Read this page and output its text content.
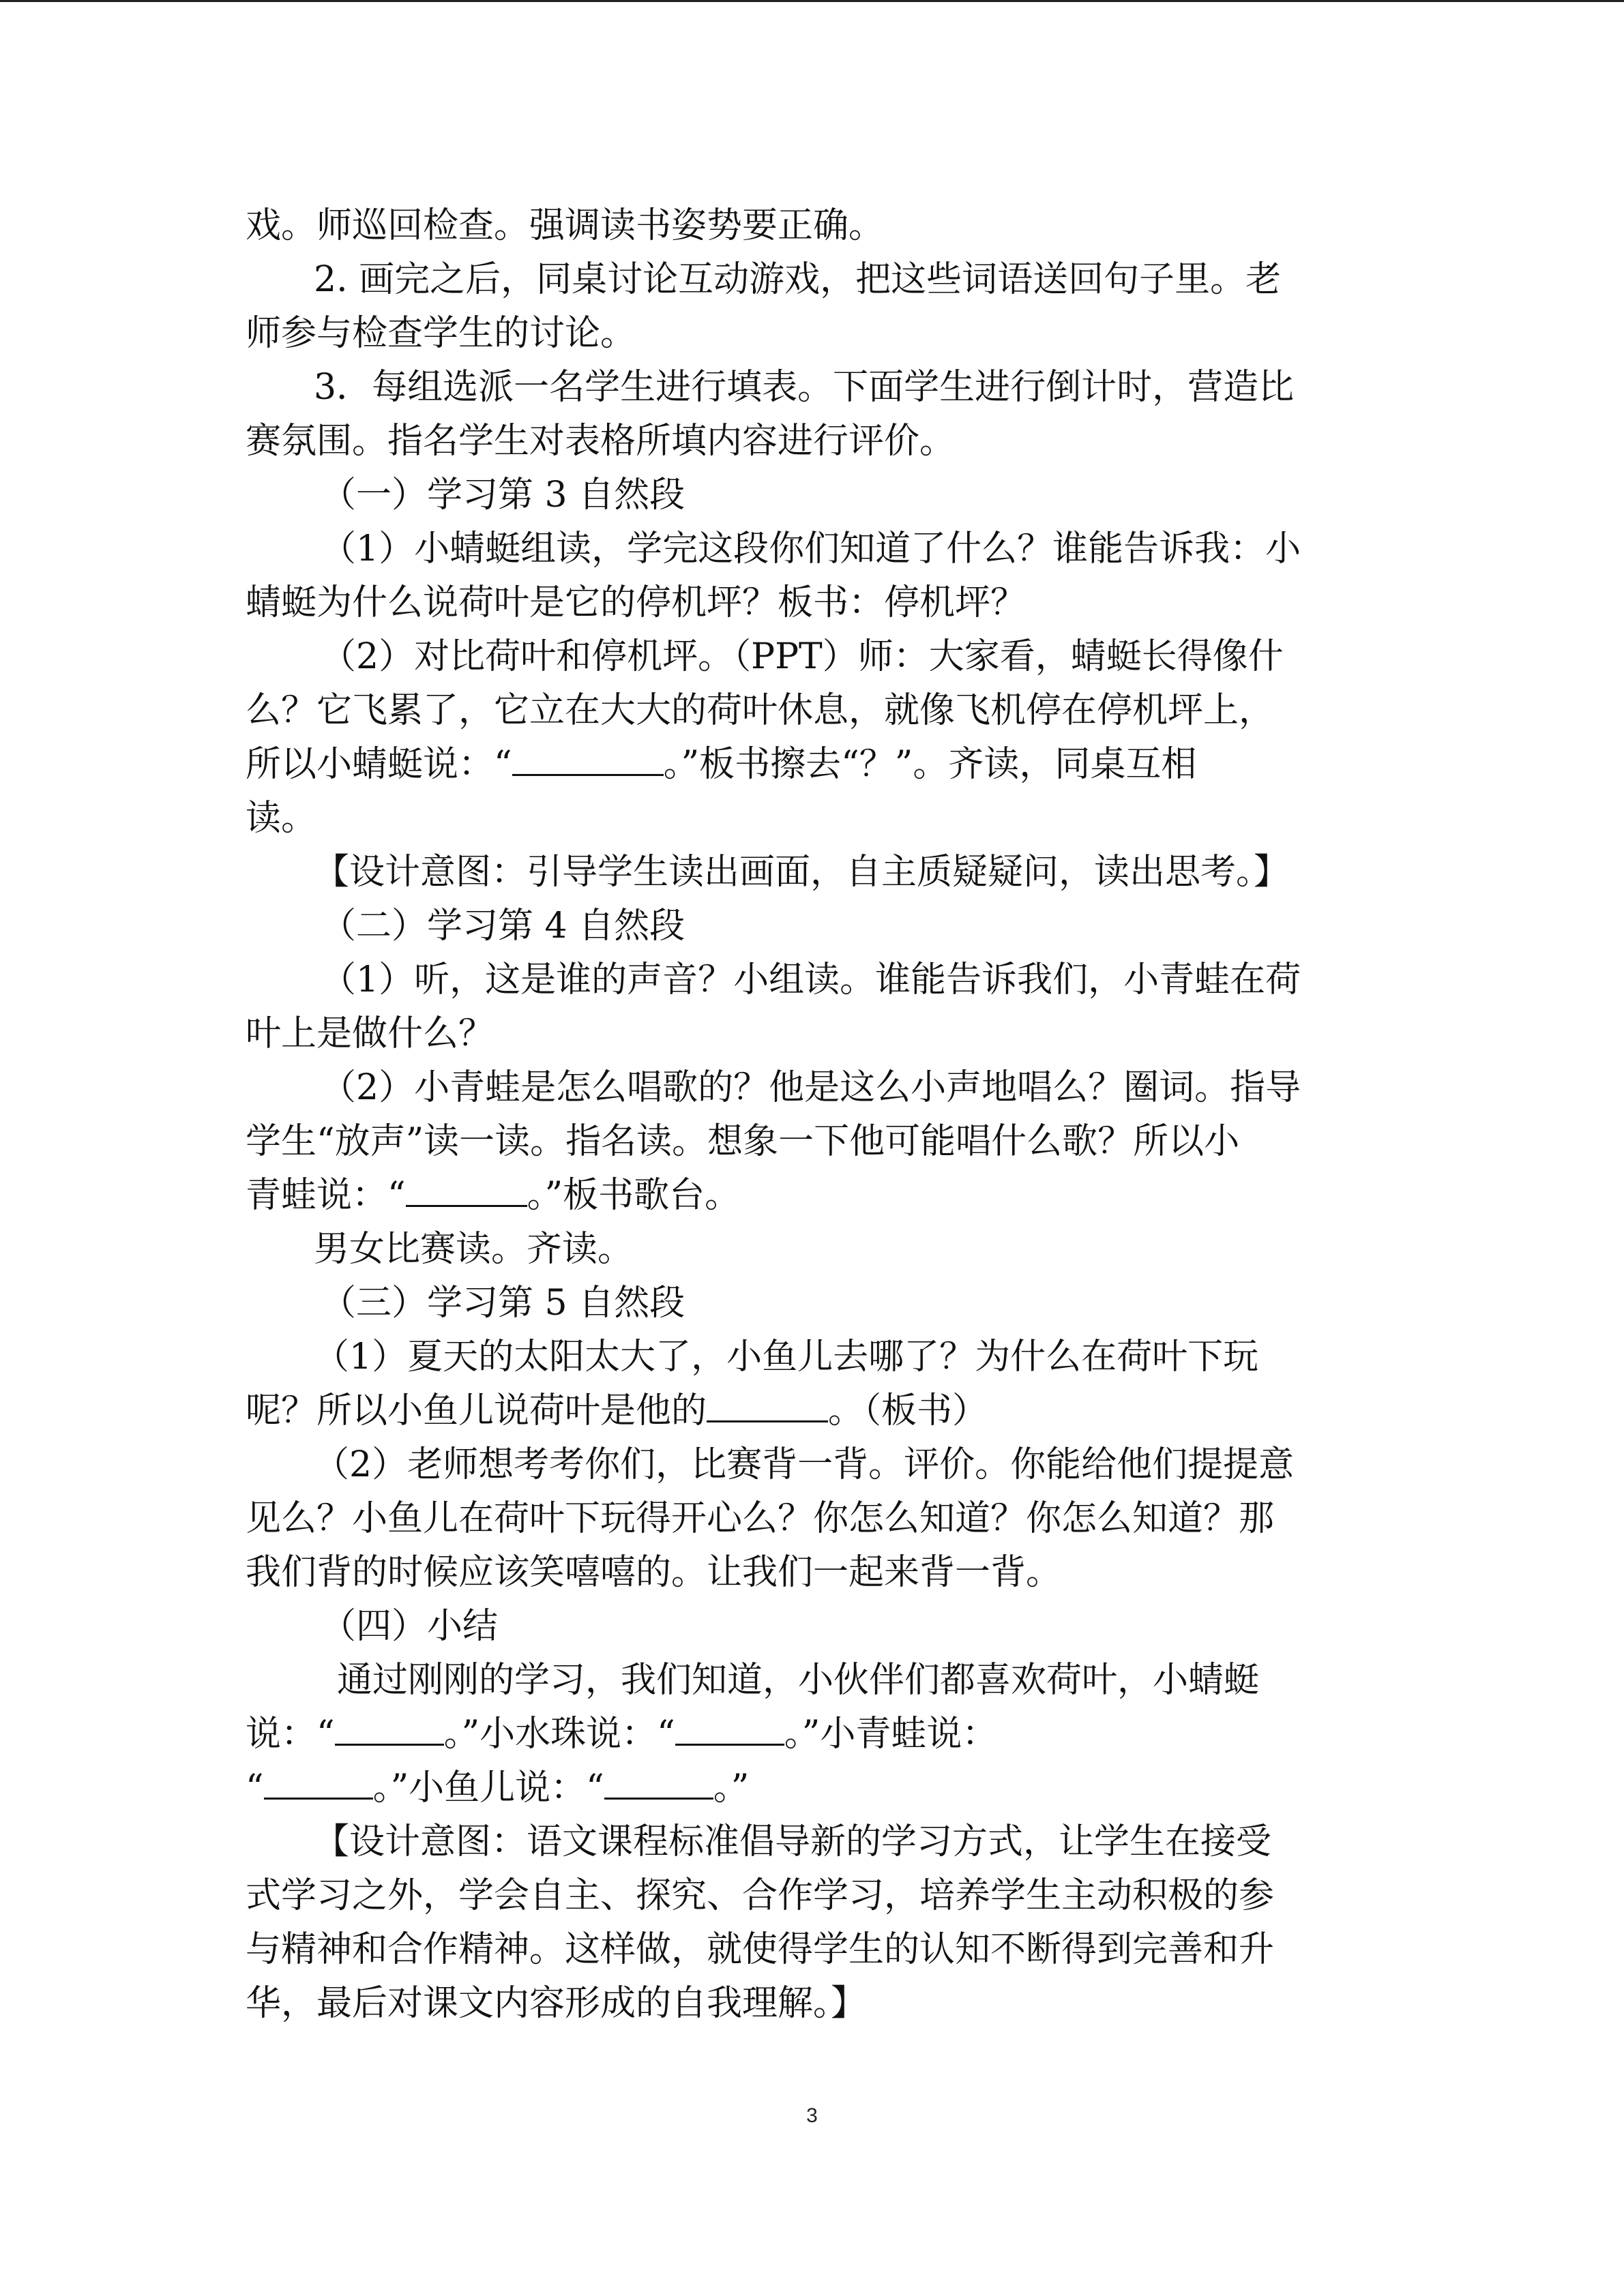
戏。师巡回检查。强调读书姿势要正确。
2. 画完之后，同桌讨论互动游戏，把这些词语送回句子里。老
师参与检查学生的讨论。
3．每组选派一名学生进行填表。下面学生进行倒计时，营造比
赛氛围。指名学生对表格所填内容进行评价。
（一）学习第 3 自然段
（1）小蜻蜓组读，学完这段你们知道了什么？谁能告诉我：小
蜻蜓为什么说荷叶是它的停机坪？板书：停机坪？
（2）对比荷叶和停机坪。（PPT）师：大家看，蜻蜓长得像什
么？它飞累了，它立在大大的荷叶休息，就像飞机停在停机坪上，
所以小蜻蜓说：“	。”板书擦去“？”。齐读，同桌互相
读。
【设计意图：引导学生读出画面，自主质疑疑问，读出思考。】
（二）学习第 4 自然段
（1）听，这是谁的声音？小组读。谁能告诉我们，小青蛙在荷
叶上是做什么？
（2）小青蛙是怎么唱歌的？他是这么小声地唱么？圈词。指导
学生“放声”读一读。指名读。想象一下他可能唱什么歌？所以小
青蛙说：“	。”板书歌台。
男女比赛读。齐读。
（三）学习第 5 自然段
（1）夏天的太阳太大了，小鱼儿去哪了？为什么在荷叶下玩
呢？所以小鱼儿说荷叶是他的	。（板书）
（2）老师想考考你们，比赛背一背。评价。你能给他们提提意
见么？小鱼儿在荷叶下玩得开心么？你怎么知道？你怎么知道？那
我们背的时候应该笑嘻嘻的。让我们一起来背一背。
（四）小结
通过刚刚的学习，我们知道，小伙伴们都喜欢荷叶，小蜻蜓
说：“	。”小水珠说：“	。”小青蛙说：
“	。”小鱼儿说：“	。”
【设计意图：语文课程标准倡导新的学习方式，让学生在接受
式学习之外，学会自主、探究、合作学习，培养学生主动积极的参
与精神和合作精神。这样做，就使得学生的认知不断得到完善和升
华，最后对课文内容形成的自我理解。】
3
